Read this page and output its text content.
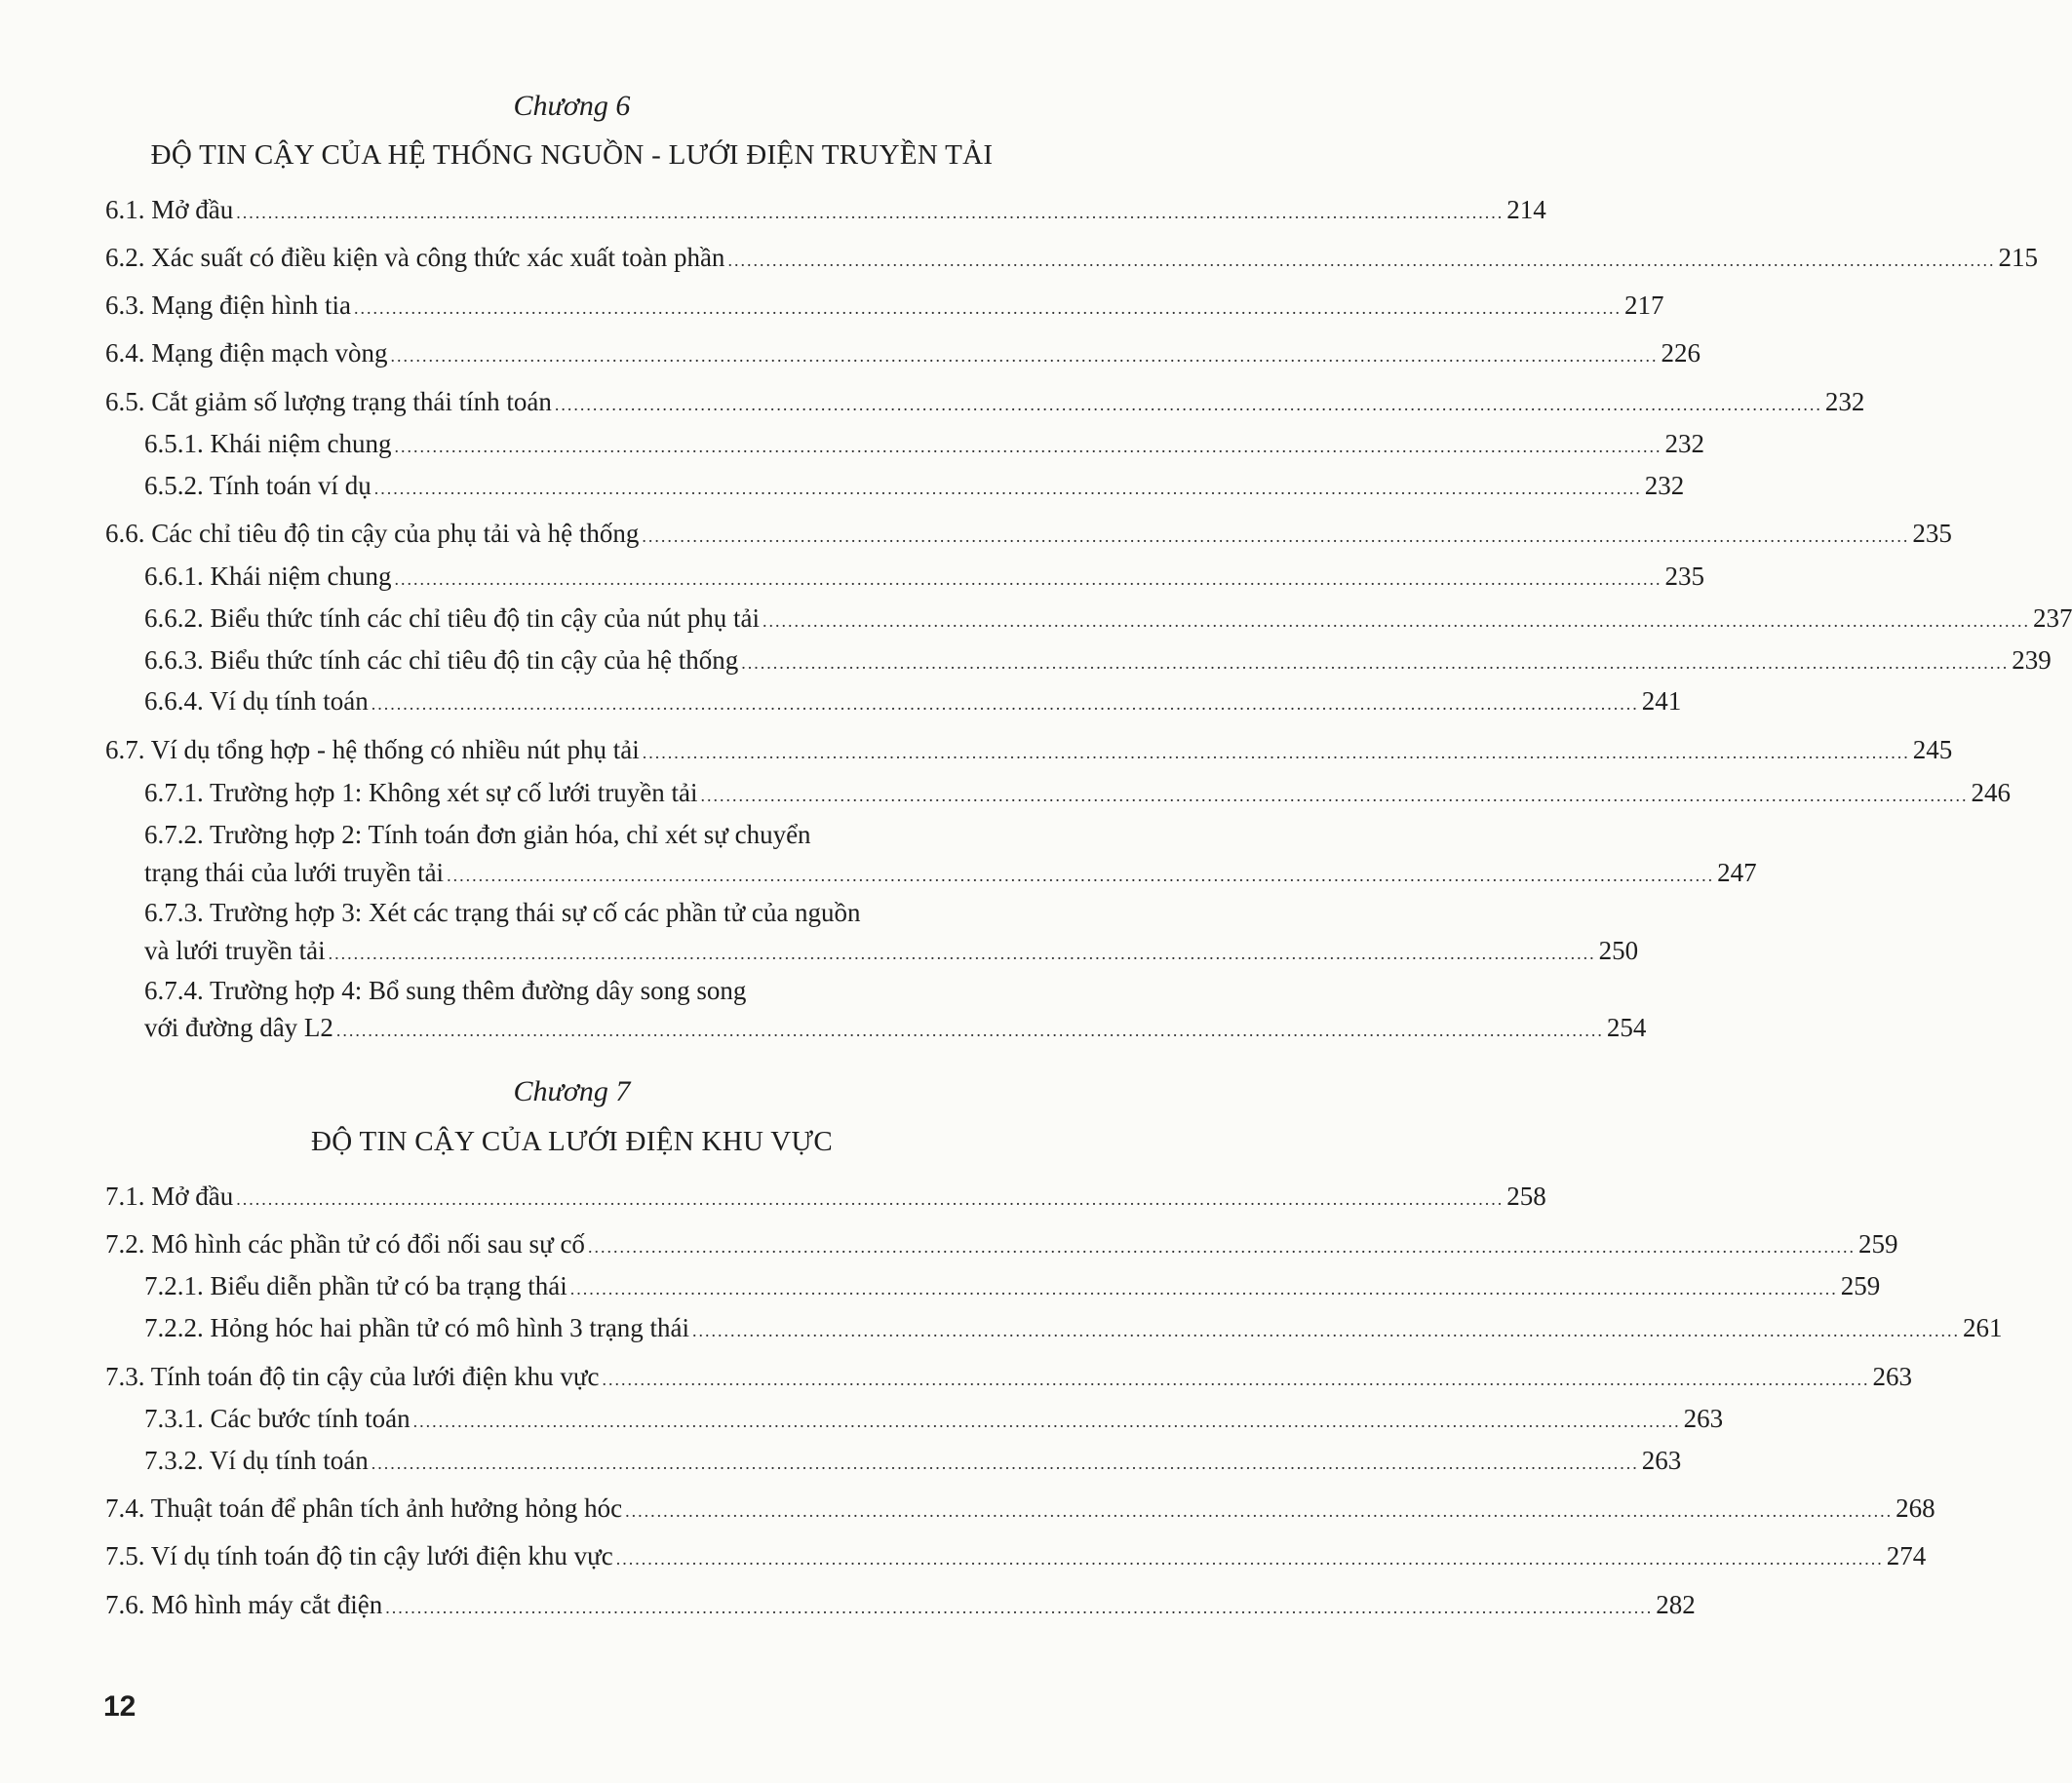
Chương 6
ĐỘ TIN CẬY CỦA HỆ THỐNG NGUỒN - LƯỚI ĐIỆN TRUYỀN TẢI
6.1. Mở đầu ........................................................................................................................................................................................................ 214
6.2. Xác suất có điều kiện và công thức xác xuất toàn phần ........................................................................................................................................................................................................ 215
6.3. Mạng điện hình tia ........................................................................................................................................................................................................ 217
6.4. Mạng điện mạch vòng ........................................................................................................................................................................................................ 226
6.5. Cắt giảm số lượng trạng thái tính toán ........................................................................................................................................................................................................ 232
6.5.1. Khái niệm chung ........................................................................................................................................................................................................ 232
6.5.2. Tính toán ví dụ ........................................................................................................................................................................................................ 232
6.6. Các chỉ tiêu độ tin cậy của phụ tải và hệ thống ........................................................................................................................................................................................................ 235
6.6.1. Khái niệm chung ........................................................................................................................................................................................................ 235
6.6.2. Biểu thức tính các chỉ tiêu độ tin cậy của nút phụ tải ........................................................................................................................................................................................................ 237
6.6.3. Biểu thức tính các chỉ tiêu độ tin cậy của hệ thống ........................................................................................................................................................................................................ 239
6.6.4. Ví dụ tính toán ........................................................................................................................................................................................................ 241
6.7. Ví dụ tổng hợp - hệ thống có nhiều nút phụ tải ........................................................................................................................................................................................................ 245
6.7.1. Trường hợp 1: Không xét sự cố lưới truyền tải ........................................................................................................................................................................................................ 246
6.7.2. Trường hợp 2: Tính toán đơn giản hóa, chỉ xét sự chuyển
trạng thái của lưới truyền tải ........................................................................................................................................................................................................ 247
6.7.3. Trường hợp 3: Xét các trạng thái sự cố các phần tử của nguồn
và lưới truyền tải ........................................................................................................................................................................................................ 250
6.7.4. Trường hợp 4: Bổ sung thêm đường dây song song
với đường dây L2 ........................................................................................................................................................................................................ 254
Chương 7
ĐỘ TIN CẬY CỦA LƯỚI ĐIỆN KHU VỰC
7.1. Mở đầu ........................................................................................................................................................................................................ 258
7.2. Mô hình các phần tử có đổi nối sau sự cố ........................................................................................................................................................................................................ 259
7.2.1. Biểu diễn phần tử có ba trạng thái ........................................................................................................................................................................................................ 259
7.2.2. Hỏng hóc hai phần tử có mô hình 3 trạng thái ........................................................................................................................................................................................................ 261
7.3. Tính toán độ tin cậy của lưới điện khu vực ........................................................................................................................................................................................................ 263
7.3.1. Các bước tính toán ........................................................................................................................................................................................................ 263
7.3.2. Ví dụ tính toán ........................................................................................................................................................................................................ 263
7.4. Thuật toán để phân tích ảnh hưởng hỏng hóc ........................................................................................................................................................................................................ 268
7.5. Ví dụ tính toán độ tin cậy lưới điện khu vực ........................................................................................................................................................................................................ 274
7.6. Mô hình máy cắt điện ........................................................................................................................................................................................................ 282
12
